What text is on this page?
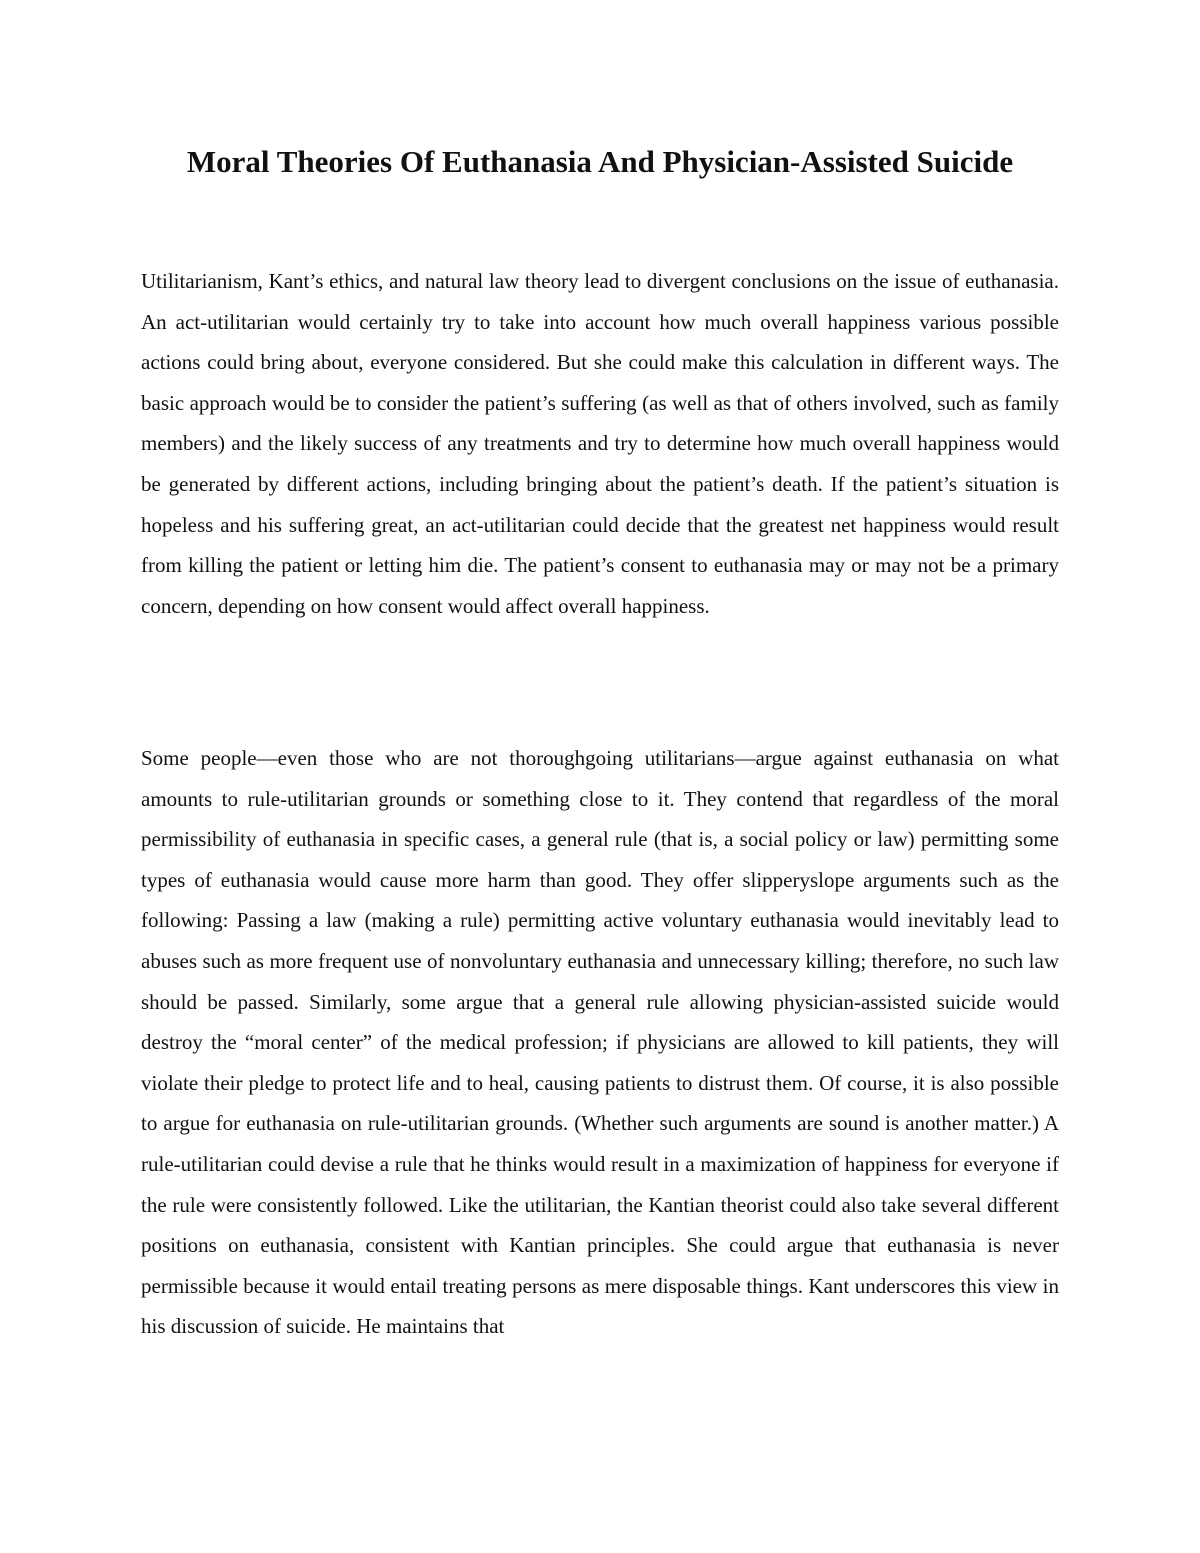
Moral Theories Of Euthanasia And Physician-Assisted Suicide

Utilitarianism, Kant’s ethics, and natural law theory lead to divergent conclusions on the issue of euthanasia. An act-utilitarian would certainly try to take into account how much overall happiness various possible actions could bring about, everyone considered. But she could make this calculation in different ways. The basic approach would be to consider the patient’s suffering (as well as that of others involved, such as family members) and the likely success of any treatments and try to determine how much overall happiness would be generated by different actions, including bringing about the patient’s death. If the patient’s situation is hopeless and his suffering great, an act-utilitarian could decide that the greatest net happiness would result from killing the patient or letting him die. The patient’s consent to euthanasia may or may not be a primary concern, depending on how consent would affect overall happiness.

Some people—even those who are not thoroughgoing utilitarians—argue against euthanasia on what amounts to rule-utilitarian grounds or something close to it. They contend that regardless of the moral permissibility of euthanasia in specific cases, a general rule (that is, a social policy or law) permitting some types of euthanasia would cause more harm than good. They offer slipperyslope arguments such as the following: Passing a law (making a rule) permitting active voluntary euthanasia would inevitably lead to abuses such as more frequent use of nonvoluntary euthanasia and unnecessary killing; therefore, no such law should be passed. Similarly, some argue that a general rule allowing physician-assisted suicide would destroy the “moral center” of the medical profession; if physicians are allowed to kill patients, they will violate their pledge to protect life and to heal, causing patients to distrust them. Of course, it is also possible to argue for euthanasia on rule-utilitarian grounds. (Whether such arguments are sound is another matter.) A rule-utilitarian could devise a rule that he thinks would result in a maximization of happiness for everyone if the rule were consistently followed. Like the utilitarian, the Kantian theorist could also take several different positions on euthanasia, consistent with Kantian principles. She could argue that euthanasia is never permissible because it would entail treating persons as mere disposable things. Kant underscores this view in his discussion of suicide. He maintains that
